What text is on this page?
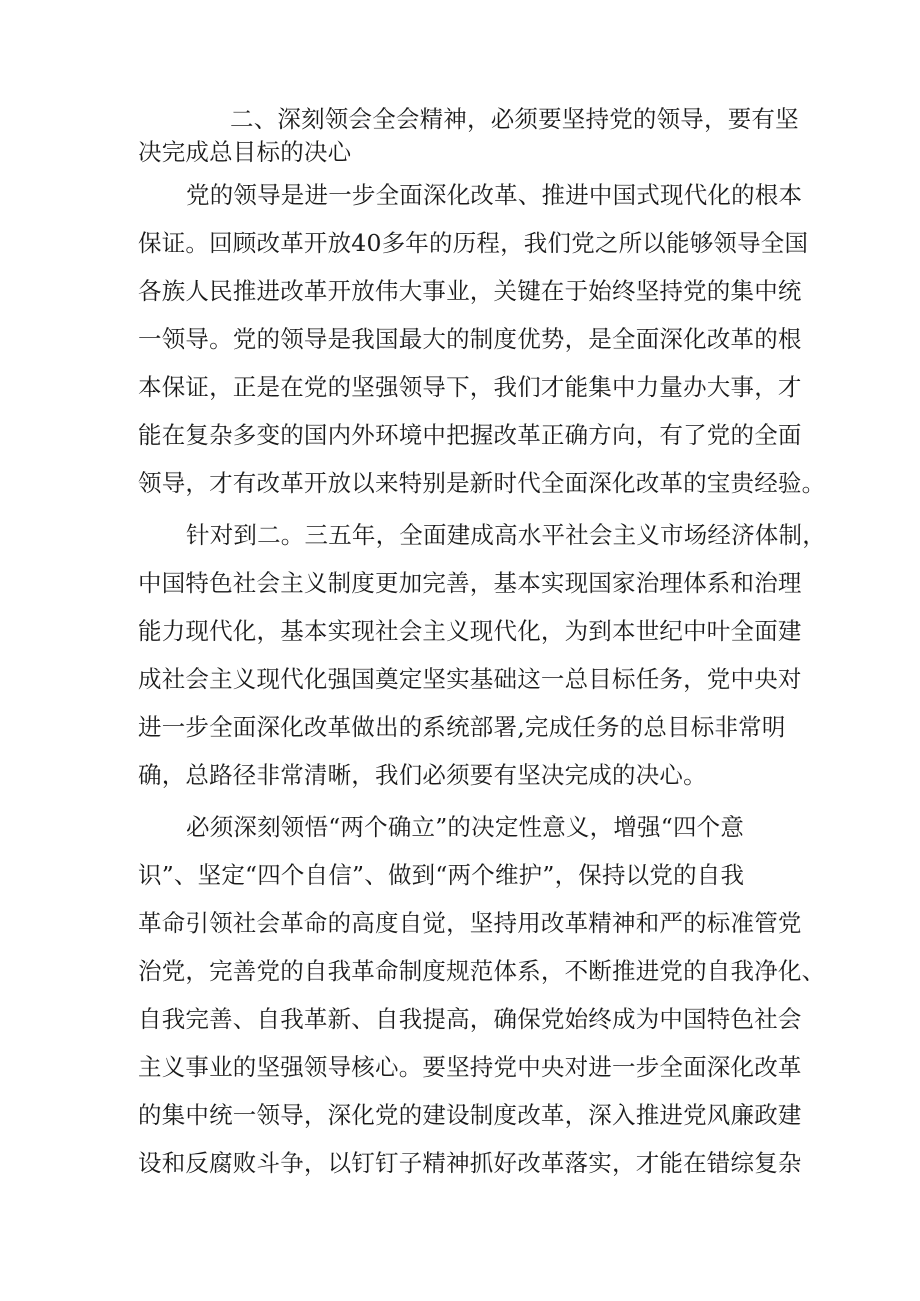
二、深刻领会全会精神，必须要坚持党的领导，要有坚
决完成总目标的决心
党的领导是进一步全面深化改革、推进中国式现代化的根本
保证。回顾改革开放40多年的历程，我们党之所以能够领导全国
各族人民推进改革开放伟大事业，关键在于始终坚持党的集中统
一领导。党的领导是我国最大的制度优势，是全面深化改革的根
本保证，正是在党的坚强领导下，我们才能集中力量办大事，才
能在复杂多变的国内外环境中把握改革正确方向，有了党的全面
领导，才有改革开放以来特别是新时代全面深化改革的宝贵经验。
针对到二。三五年，全面建成高水平社会主义市场经济体制，
中国特色社会主义制度更加完善，基本实现国家治理体系和治理
能力现代化，基本实现社会主义现代化，为到本世纪中叶全面建
成社会主义现代化强国奠定坚实基础这一总目标任务，党中央对
进一步全面深化改革做出的系统部署,完成任务的总目标非常明
确，总路径非常清晰，我们必须要有坚决完成的决心。
必须深刻领悟“两个确立”的决定性意义，增强“四个意
识”、坚定“四个自信”、做到“两个维护”，保持以党的自我
革命引领社会革命的高度自觉，坚持用改革精神和严的标准管党
治党，完善党的自我革命制度规范体系，不断推进党的自我净化、
自我完善、自我革新、自我提高，确保党始终成为中国特色社会
主义事业的坚强领导核心。要坚持党中央对进一步全面深化改革
的集中统一领导，深化党的建设制度改革，深入推进党风廉政建
设和反腐败斗争，以钉钉子精神抓好改革落实，才能在错综复杂
